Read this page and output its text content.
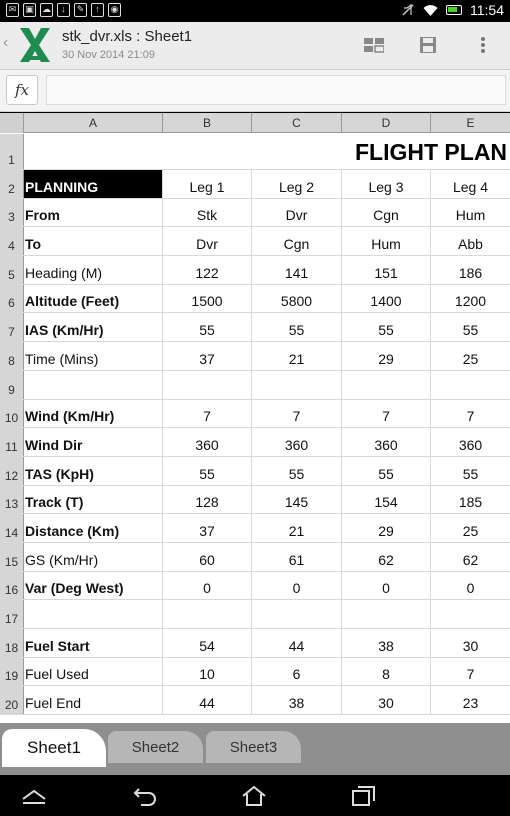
✉ ▣ ☁	↓	✎	↑	◉	11:54
‹	stk_dvr.xls : Sheet1
30 Nov 2014 21:09
fx
A	B	C	D	E
1	FLIGHT PLAN
2 PLANNING	Leg 1	Leg 2	Leg 3	Leg 4
3 From	Stk	Dvr	Cgn	Hum
4 To	Dvr	Cgn	Hum	Abb
5 Heading (M)	122	141	151	186
6 Altitude (Feet)	1500	5800	1400	1200
7 IAS (Km/Hr)	55	55	55	55
8 Time (Mins)	37	21	29	25
9
10 Wind (Km/Hr)	7	7	7	7
11 Wind Dir	360	360	360	360
12 TAS (KpH)	55	55	55	55
13 Track (T)	128	145	154	185
14 Distance (Km)	37	21	29	25
15 GS (Km/Hr)	60	61	62	62
16 Var (Deg West)	0	0	0	0
17
18 Fuel Start	54	44	38	30
19 Fuel Used	10	6	8	7
20 Fuel End	44	38	30	23
Sheet1	Sheet2	Sheet3
